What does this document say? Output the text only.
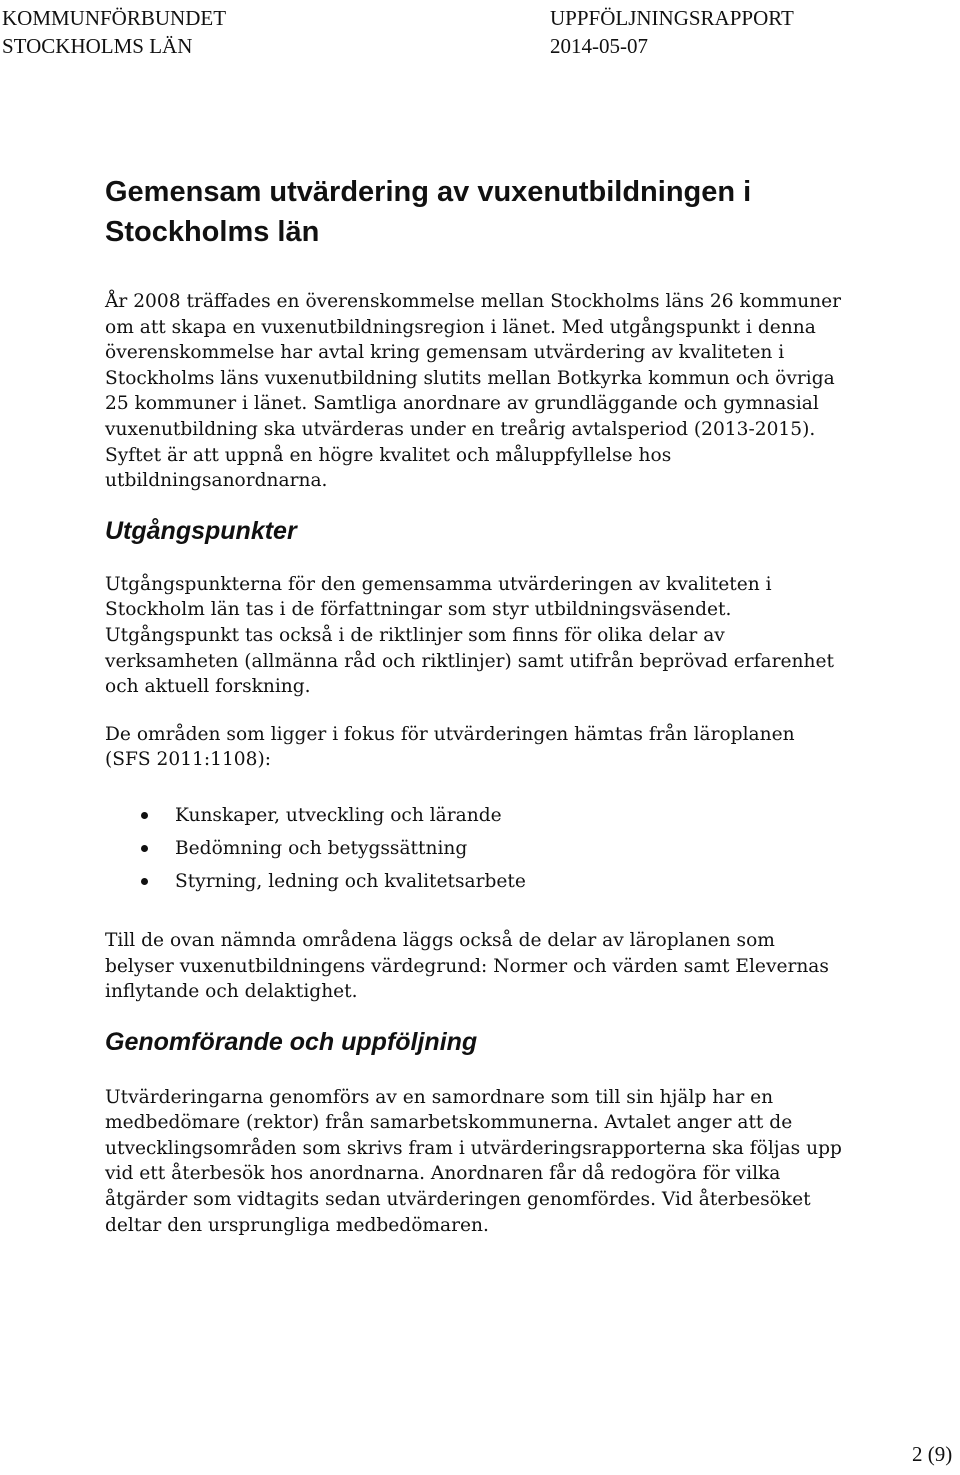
KOMMUNFÖRBUNDET
STOCKHOLMS LÄN
UPPFÖLJNINGSRAPPORT
2014-05-07
Gemensam utvärdering av vuxenutbildningen i Stockholms län

År 2008 träffades en överenskommelse mellan Stockholms läns 26 kommuner om att skapa en vuxenutbildningsregion i länet. Med utgångspunkt i denna överenskommelse har avtal kring gemensam utvärdering av kvaliteten i Stockholms läns vuxenutbildning slutits mellan Botkyrka kommun och övriga 25 kommuner i länet. Samtliga anordnare av grundläggande och gymnasial vuxenutbildning ska utvärderas under en treårig avtalsperiod (2013-2015). Syftet är att uppnå en högre kvalitet och måluppfyllelse hos utbildningsanordnarna.

Utgångspunkter

Utgångspunkterna för den gemensamma utvärderingen av kvaliteten i Stockholm län tas i de författningar som styr utbildningsväsendet. Utgångspunkt tas också i de riktlinjer som finns för olika delar av verksamheten (allmänna råd och riktlinjer) samt utifrån beprövad erfarenhet och aktuell forskning.

De områden som ligger i fokus för utvärderingen hämtas från läroplanen (SFS 2011:1108):

Kunskaper, utveckling och lärande
Bedömning och betygssättning
Styrning, ledning och kvalitetsarbete

Till de ovan nämnda områdena läggs också de delar av läroplanen som belyser vuxenutbildningens värdegrund: Normer och värden samt Elevernas inflytande och delaktighet.

Genomförande och uppföljning

Utvärderingarna genomförs av en samordnare som till sin hjälp har en medbedömare (rektor) från samarbetskommunerna. Avtalet anger att de utvecklingsområden som skrivs fram i utvärderingsrapporterna ska följas upp vid ett återbesök hos anordnarna. Anordnaren får då redogöra för vilka åtgärder som vidtagits sedan utvärderingen genomfördes. Vid återbesöket deltar den ursprungliga medbedömaren.

2 (9)
